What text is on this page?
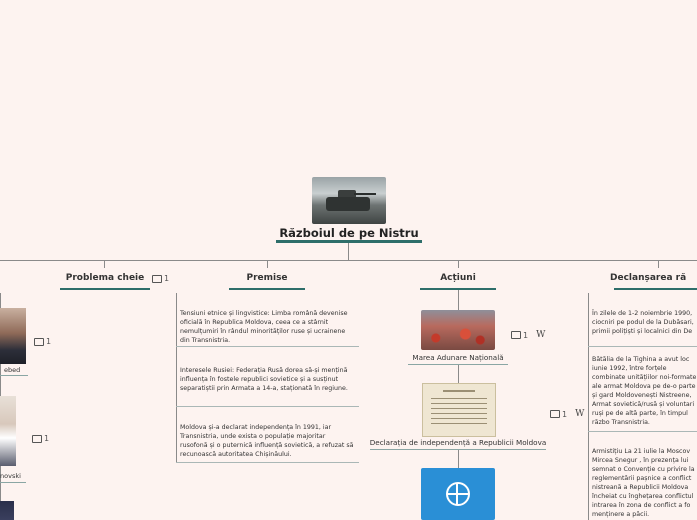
Războiul de pe Nistru
Problema cheie	1
ebed
1
novski
1
Premise
Tensiuni etnice și lingvistice: Limba română devenise oficială în Republica Moldova, ceea ce a stârnit nemulțumiri în rândul minorităților ruse și ucrainene din Transnistria.
Interesele Rusiei: Federația Rusă dorea să-și mențină influența în fostele republici sovietice și a susținut separatiștii prin Armata a 14-a, staționată în regiune.
Moldova și-a declarat independența în 1991, iar Transnistria, unde exista o populație majoritar rusofonă și o puternică influență sovietică, a refuzat să recunoască autoritatea Chișinăului.
Acțiuni
Marea Adunare Națională
1 W
Declarația de independență a Republicii Moldova
1 W
Declanșarea ră
În zilele de 1-2 noiembrie 1990, ciocniri pe podul de la Dubăsari, primii polițiști și localnici din De
Bătălia de la Tighina a avut loc iunie 1992, între forțele combinate unitățiilor noi-formate ale armat Moldova pe de-o parte și gard Moldovenești Nistreene, Armat sovietică/rusă și voluntari ruși pe de altă parte, în timpul războ Transnistria.
Armistițiu La 21 iulie la Moscov Mircea Snegur , în prezența lui semnat o Convenție cu privire la reglementării pașnice a conflict nistreană a Republicii Moldova încheiat cu înghețarea conflictul intrarea în zona de conflict a fo menținere a păcii.
